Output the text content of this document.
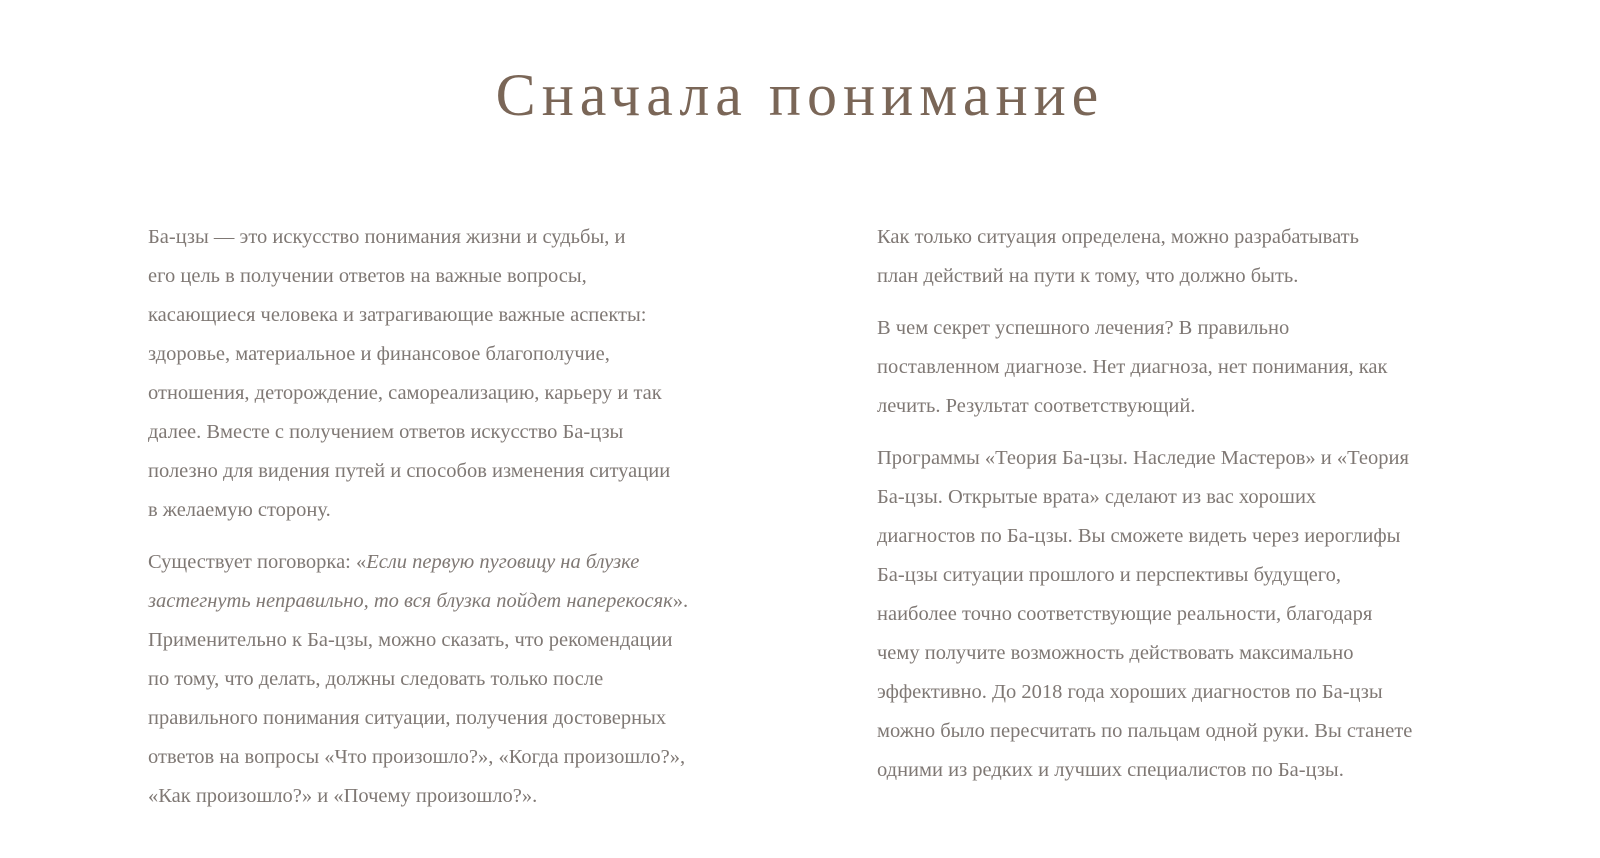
Сначала понимание

Ба-цзы — это искусство понимания жизни и судьбы, и
его цель в получении ответов на важные вопросы,
касающиеся человека и затрагивающие важные аспекты:
здоровье, материальное и финансовое благополучие,
отношения, деторождение, самореализацию, карьеру и так
далее. Вместе с получением ответов искусство Ба-цзы
полезно для видения путей и способов изменения ситуации
в желаемую сторону.

Существует поговорка: «Если первую пуговицу на блузке
застегнуть неправильно, то вся блузка пойдет наперекосяк».
Применительно к Ба-цзы, можно сказать, что рекомендации
по тому, что делать, должны следовать только после
правильного понимания ситуации, получения достоверных
ответов на вопросы «Что произошло?», «Когда произошло?»,
«Как произошло?» и «Почему произошло?».

Как только ситуация определена, можно разрабатывать
план действий на пути к тому, что должно быть.

В чем секрет успешного лечения? В правильно
поставленном диагнозе. Нет диагноза, нет понимания, как
лечить. Результат соответствующий.

Программы «Теория Ба-цзы. Наследие Мастеров» и «Теория
Ба-цзы. Открытые врата» сделают из вас хороших
диагностов по Ба-цзы. Вы сможете видеть через иероглифы
Ба-цзы ситуации прошлого и перспективы будущего,
наиболее точно соответствующие реальности, благодаря
чему получите возможность действовать максимально
эффективно. До 2018 года хороших диагностов по Ба-цзы
можно было пересчитать по пальцам одной руки. Вы станете
одними из редких и лучших специалистов по Ба-цзы.
